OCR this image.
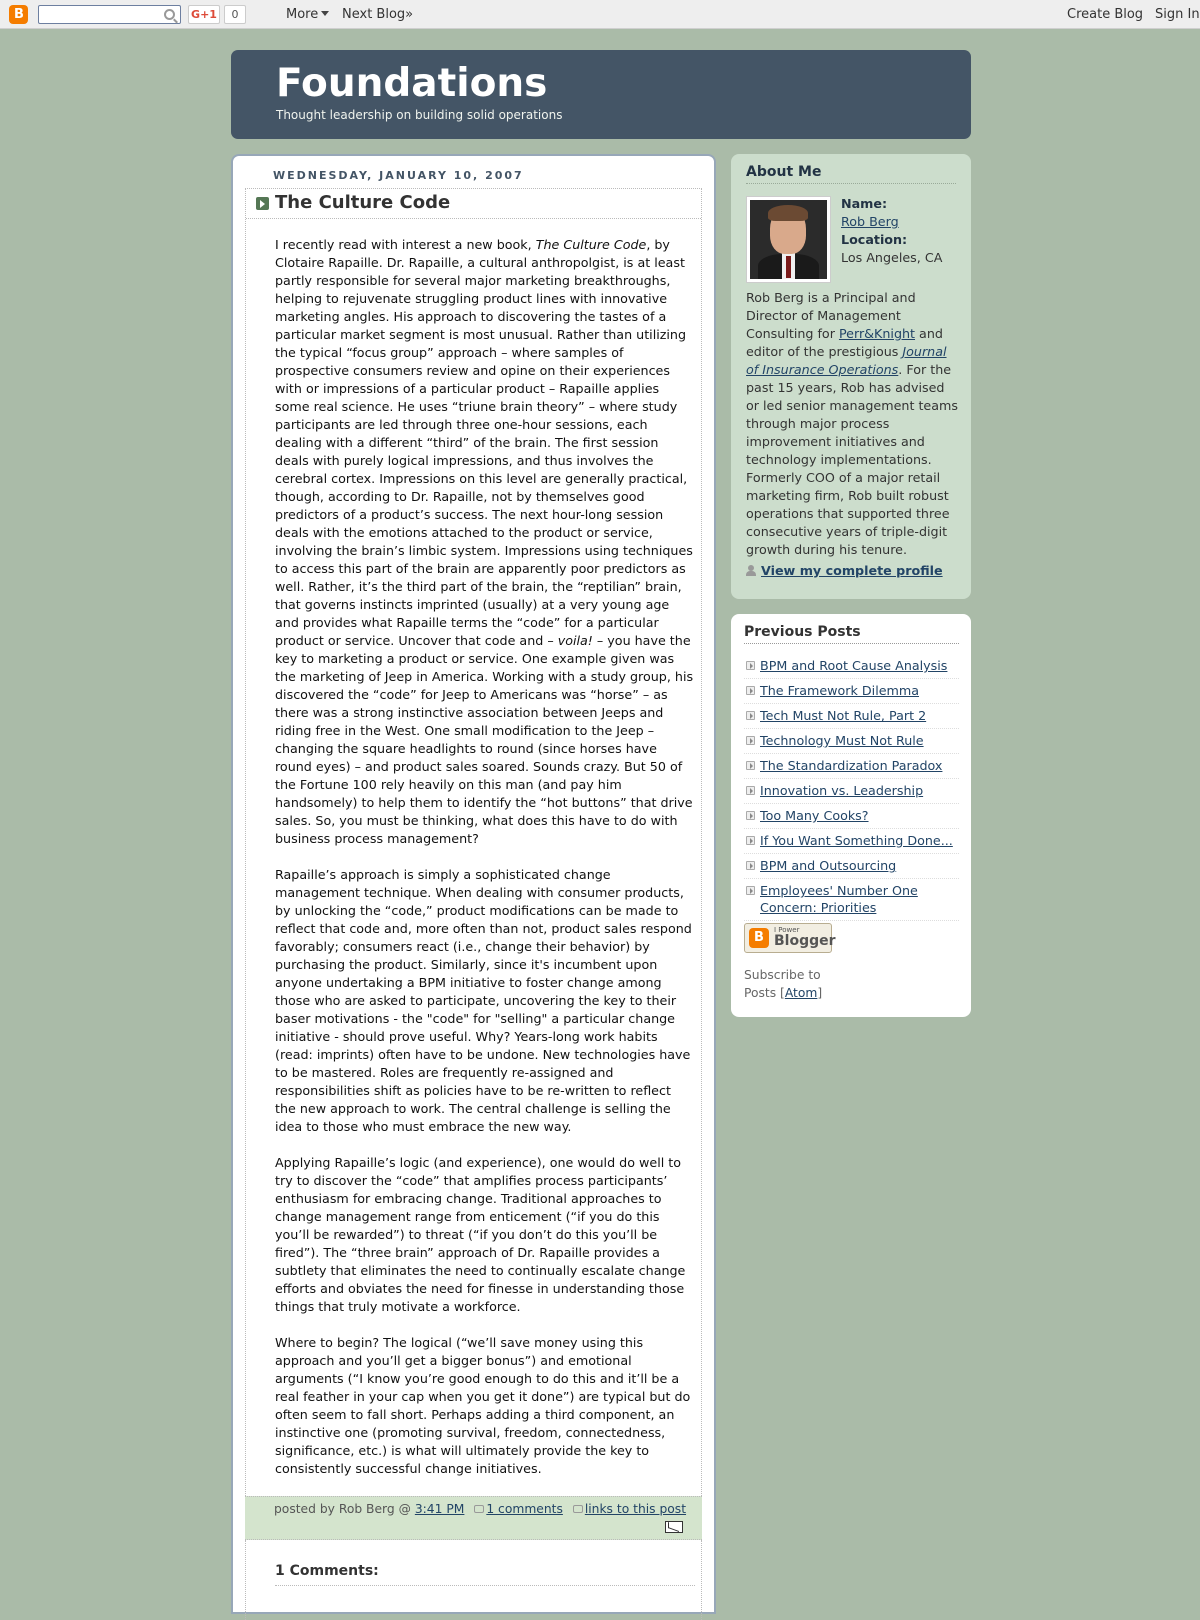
B	G+1	0	More	Next Blog»	Create Blog Sign In
Foundations
Thought leadership on building solid operations
WEDNESDAY, JANUARY 10, 2007
The Culture Code

I recently read with interest a new book, The Culture Code, by Clotaire Rapaille. Dr. Rapaille, a cultural anthropolgist, is at least partly responsible for several major marketing breakthroughs, helping to rejuvenate struggling product lines with innovative marketing angles. His approach to discovering the tastes of a particular market segment is most unusual. Rather than utilizing the typical “focus group” approach – where samples of prospective consumers review and opine on their experiences with or impressions of a particular product – Rapaille applies some real science. He uses “triune brain theory” – where study participants are led through three one-hour sessions, each dealing with a different “third” of the brain. The first session deals with purely logical impressions, and thus involves the cerebral cortex. Impressions on this level are generally practical, though, according to Dr. Rapaille, not by themselves good predictors of a product’s success. The next hour-long session deals with the emotions attached to the product or service, involving the brain’s limbic system. Impressions using techniques to access this part of the brain are apparently poor predictors as well. Rather, it’s the third part of the brain, the “reptilian” brain, that governs instincts imprinted (usually) at a very young age and provides what Rapaille terms the “code” for a particular product or service. Uncover that code and – voila! – you have the key to marketing a product or service. One example given was the marketing of Jeep in America. Working with a study group, his discovered the “code” for Jeep to Americans was “horse” – as there was a strong instinctive association between Jeeps and riding free in the West. One small modification to the Jeep – changing the square headlights to round (since horses have round eyes) – and product sales soared. Sounds crazy. But 50 of the Fortune 100 rely heavily on this man (and pay him handsomely) to help them to identify the “hot buttons” that drive sales. So, you must be thinking, what does this have to do with business process management?

Rapaille’s approach is simply a sophisticated change management technique. When dealing with consumer products, by unlocking the “code,” product modifications can be made to reflect that code and, more often than not, product sales respond favorably; consumers react (i.e., change their behavior) by purchasing the product. Similarly, since it's incumbent upon anyone undertaking a BPM initiative to foster change among those who are asked to participate, uncovering the key to their baser motivations - the "code" for "selling" a particular change initiative - should prove useful. Why? Years-long work habits (read: imprints) often have to be undone. New technologies have to be mastered. Roles are frequently re-assigned and responsibilities shift as policies have to be re-written to reflect the new approach to work. The central challenge is selling the idea to those who must embrace the new way.

Applying Rapaille’s logic (and experience), one would do well to try to discover the “code” that amplifies process participants’ enthusiasm for embracing change. Traditional approaches to change management range from enticement (“if you do this you’ll be rewarded”) to threat (“if you don’t do this you’ll be fired”). The “three brain” approach of Dr. Rapaille provides a subtlety that eliminates the need to continually escalate change efforts and obviates the need for finesse in understanding those things that truly motivate a workforce.

Where to begin? The logical (“we’ll save money using this approach and you’ll get a bigger bonus”) and emotional arguments (“I know you’re good enough to do this and it’ll be a real feather in your cap when you get it done”) are typical but do often seem to fall short. Perhaps adding a third component, an instinctive one (promoting survival, freedom, connectedness, significance, etc.) is what will ultimately provide the key to consistently successful change initiatives.

posted by Rob Berg @ 3:41 PM 1 comments links to this post
1 Comments:
About Me
Name:
Rob Berg
Location:
Los Angeles, CA
Rob Berg is a Principal and Director of Management Consulting for Perr&Knight and editor of the prestigious Journal of Insurance Operations. For the past 15 years, Rob has advised or led senior management teams through major process improvement initiatives and technology implementations. Formerly COO of a major retail marketing firm, Rob built robust operations that supported three consecutive years of triple-digit growth during his tenure.
View my complete profile
Previous Posts
BPM and Root Cause Analysis
The Framework Dilemma
Tech Must Not Rule, Part 2
Technology Must Not Rule
The Standardization Paradox
Innovation vs. Leadership
Too Many Cooks?
If You Want Something Done...
BPM and Outsourcing
Employees' Number One Concern: Priorities
B	I Power
Blogger
Subscribe to
Posts [Atom]
